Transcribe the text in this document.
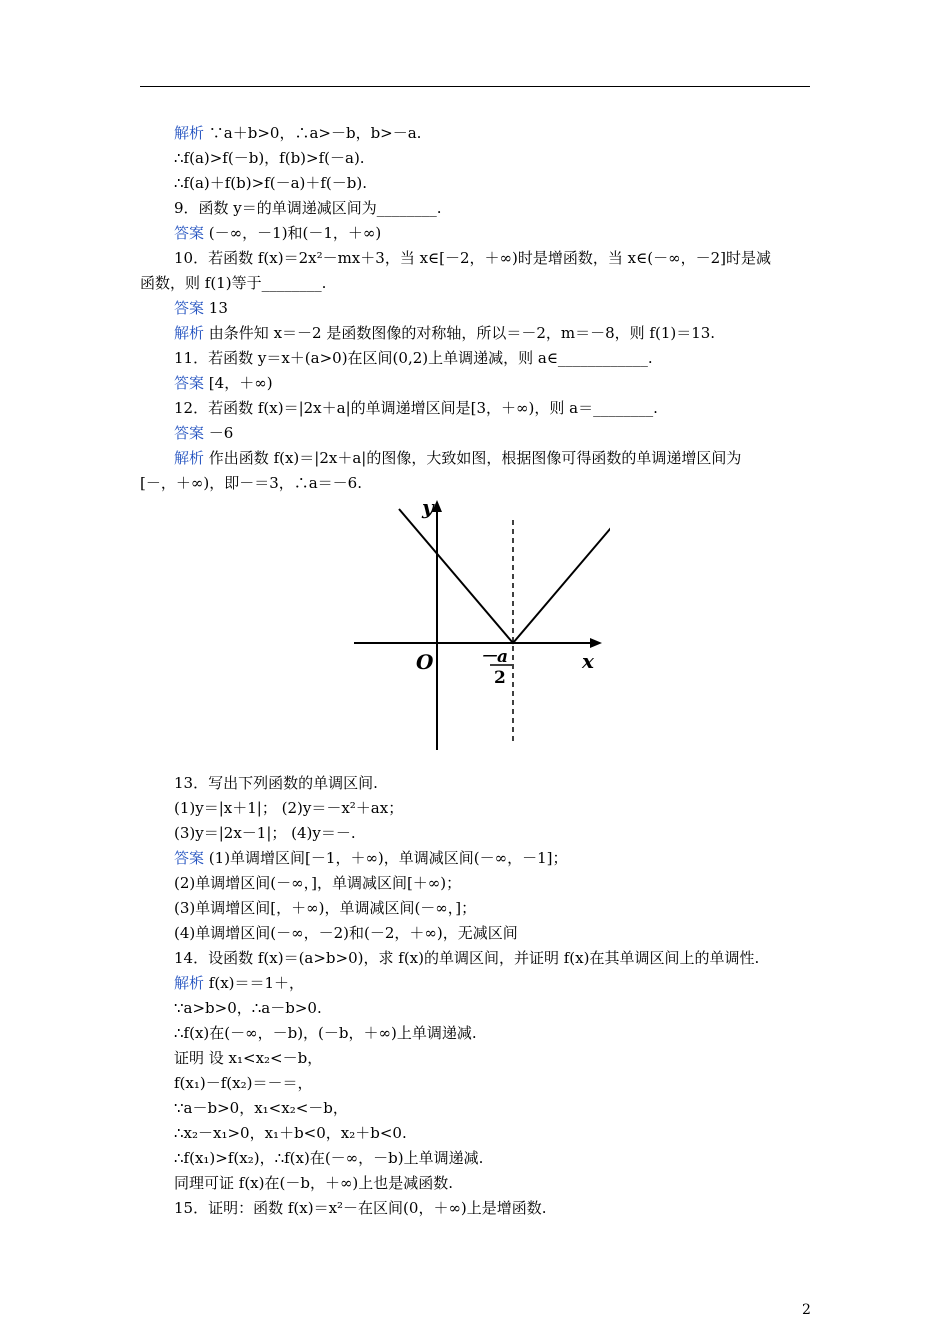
解析 ∵a＋b>0，∴a>－b，b>－a.
∴f(a)>f(－b)，f(b)>f(－a).
∴f(a)＋f(b)>f(－a)＋f(－b).
9．函数 y＝的单调递减区间为________.
答案 (－∞，－1)和(－1，＋∞)
10．若函数 f(x)＝2x²－mx＋3，当 x∈[－2，＋∞)时是增函数，当 x∈(－∞，－2]时是减
函数，则 f(1)等于________.
答案 13
解析 由条件知 x＝－2 是函数图像的对称轴，所以＝－2，m＝－8，则 f(1)＝13.
11．若函数 y＝x＋(a>0)在区间(0,2)上单调递减，则 a∈____________.
答案 [4，＋∞)
12．若函数 f(x)＝|2x＋a|的单调递增区间是[3，＋∞)，则 a＝________.
答案 －6
解析 作出函数 f(x)＝|2x＋a|的图像，大致如图，根据图像可得函数的单调递增区间为
[－，＋∞)，即－＝3，∴a＝－6.
y
x
O	－a
2
13．写出下列函数的单调区间.
(1)y＝|x＋1|； (2)y＝－x²＋ax；
(3)y＝|2x－1|； (4)y＝－.
答案 (1)单调增区间[－1，＋∞)，单调减区间(－∞，－1]；
(2)单调增区间(－∞，]，单调减区间[＋∞)；
(3)单调增区间[，＋∞)，单调减区间(－∞，]；
(4)单调增区间(－∞，－2)和(－2，＋∞)，无减区间
14．设函数 f(x)＝(a>b>0)，求 f(x)的单调区间，并证明 f(x)在其单调区间上的单调性.
解析 f(x)＝＝1＋，
∵a>b>0，∴a－b>0.
∴f(x)在(－∞，－b)，(－b，＋∞)上单调递减.
证明 设 x₁<x₂<－b，
f(x₁)－f(x₂)＝－＝，
∵a－b>0，x₁<x₂<－b，
∴x₂－x₁>0，x₁＋b<0，x₂＋b<0.
∴f(x₁)>f(x₂)，∴f(x)在(－∞，－b)上单调递减.
同理可证 f(x)在(－b，＋∞)上也是减函数.
15．证明：函数 f(x)＝x²－在区间(0，＋∞)上是增函数.
2
